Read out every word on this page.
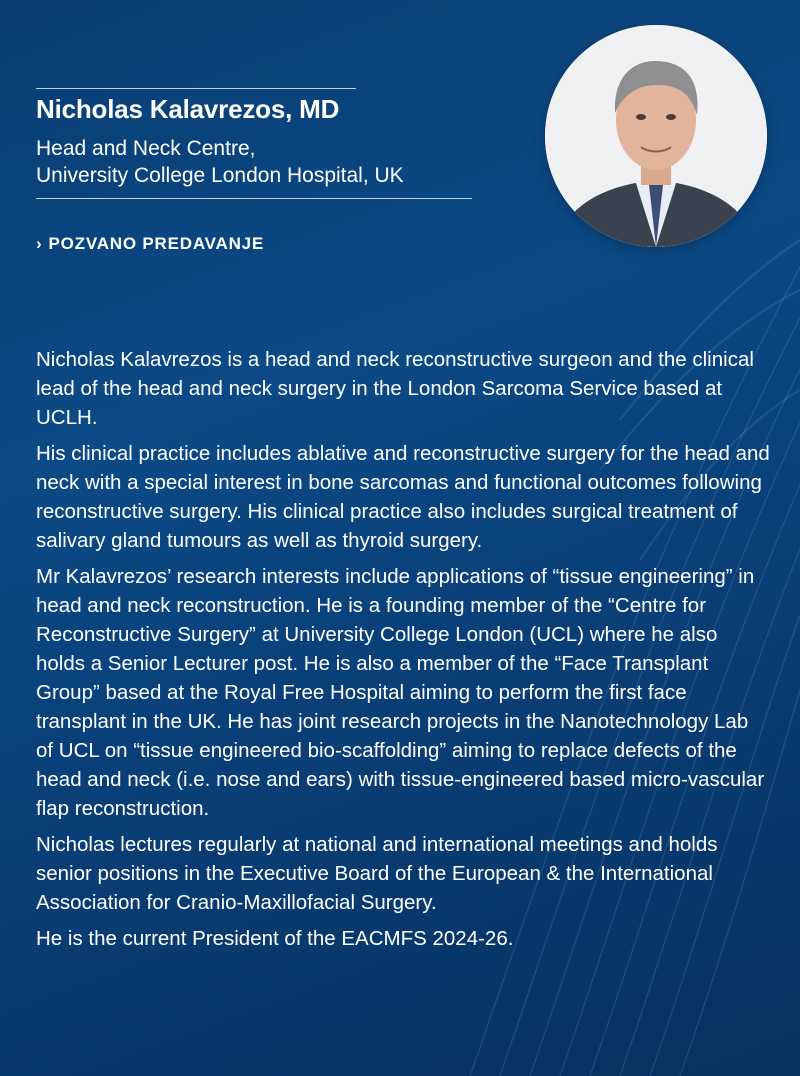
Nicholas Kalavrezos, MD
Head and Neck Centre,
University College London Hospital, UK
› POZVANO PREDAVANJE

Nicholas Kalavrezos is a head and neck reconstructive surgeon and the clinical lead of the head and neck surgery in the London Sarcoma Service based at UCLH.

His clinical practice includes ablative and reconstructive surgery for the head and neck with a special interest in bone sarcomas and functional outcomes following reconstructive surgery. His clinical practice also includes surgical treatment of salivary gland tumours as well as thyroid surgery.

Mr Kalavrezos’ research interests include applications of “tissue engineering” in head and neck reconstruction. He is a founding member of the “Centre for Reconstructive Surgery” at University College London (UCL) where he also holds a Senior Lecturer post. He is also a member of the “Face Transplant Group” based at the Royal Free Hospital aiming to perform the first face transplant in the UK. He has joint research projects in the Nanotechnology Lab of UCL on “tissue engineered bio-scaffolding” aiming to replace defects of the head and neck (i.e. nose and ears) with tissue-engineered based micro-vascular flap reconstruction.

Nicholas lectures regularly at national and international meetings and holds senior positions in the Executive Board of the European & the International Association for Cranio-Maxillofacial Surgery.

He is the current President of the EACMFS 2024-26.
